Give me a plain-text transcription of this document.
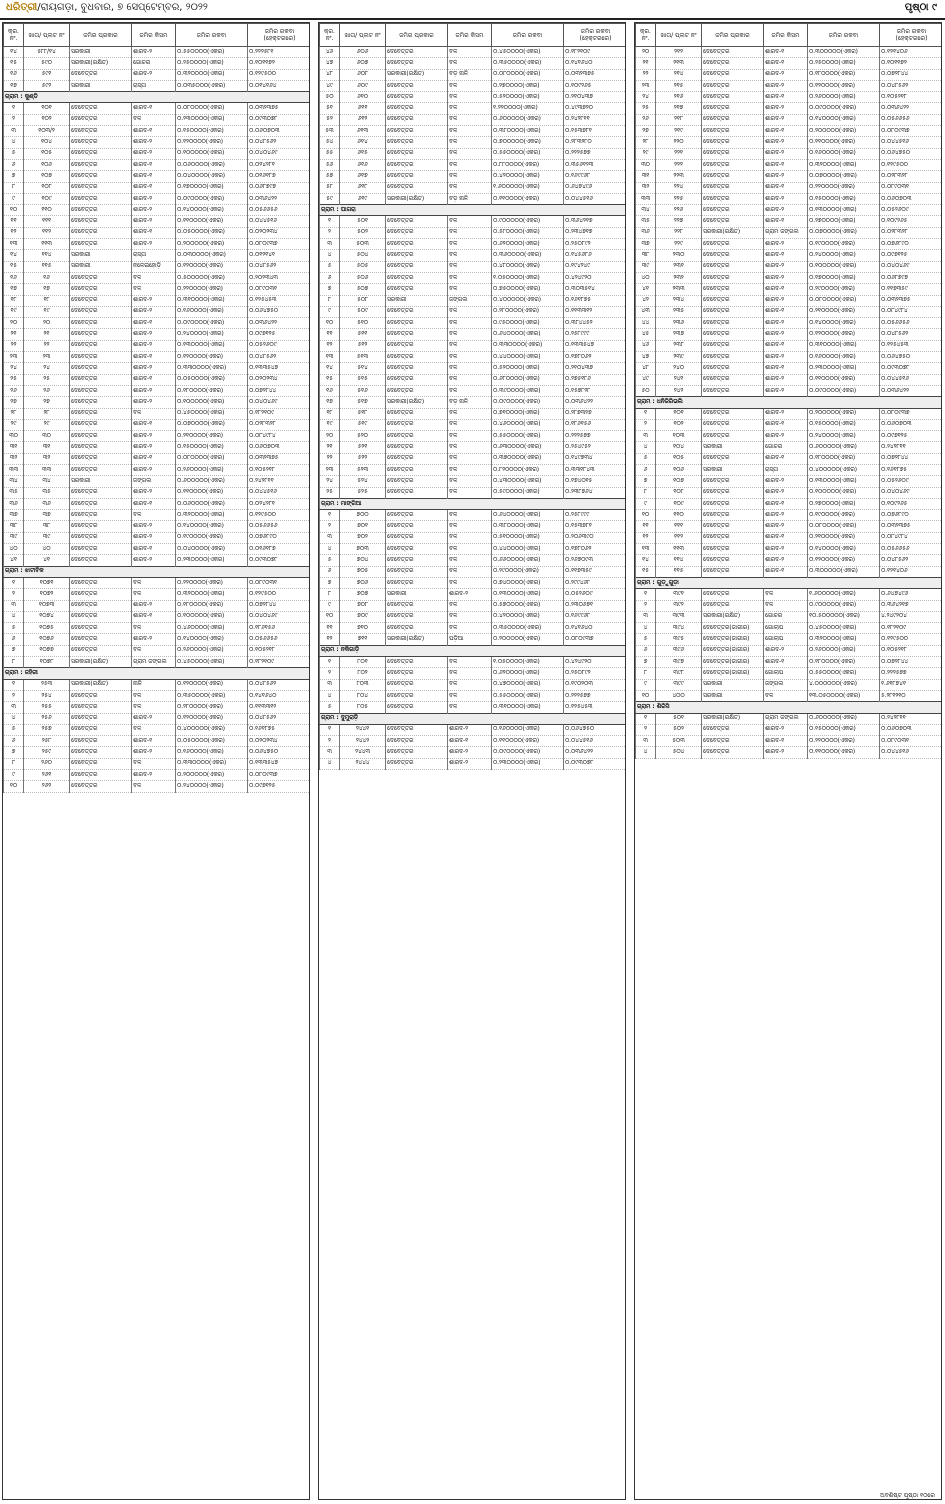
ଧରିତ୍ରୀ/ରାୟଗଡ଼ା, ବୁଧବାର, ୭ ସେପ୍ଟେମ୍ବର, ୨୦୨୨	ପୃଷ୍ଠା ୯
କ୍ର. ନଂ.	ଖାତା/ ପ୍ଲଟ ନଂ	ଜମିର ପ୍ରକାର	ଜମିର କିସମ	ଜମିର ରକବା	ଜମିର ରକବା (ହେକ୍ଟରରେ)
୧୪	୫୮୮/୧୪	ସରକାରୀ	ଶାରଦ-୨	୦.୫୫୦୦୦୦(ଏକର)	୦.୨୨୨୫୮୧
୧୫	୫୯୦	ସରକାରୀ(ରକ୍ଷିତ)	ଗୋଚର	୦.୨୫୦୦୦୦(ଏକର)	୦.୧୦୧୧୭୨
୧୬	୫୯୧	ଦେବେତ୍ତର	ଶାରଦ-୨	୦.୩୨୦୦୦୦(ଏକର)	୦.୧୨୯୫୦୦
୧୭	୫୯୨	ସରକାରୀ	ରାସ୍ତା	୦.୦୩୫୦୦୦(ଏକର)	୦.୦୧୪୧୬୪
ଗ୍ରାମ : କୁଣ୍ଡି					
୧	୧୦୧	ଦେବେତ୍ତର	ଶାରଦ-୧	୦.୦୮୦୦୦୦(ଏକର)	୦.୦୩୨୩୭୫
୨	୧୦୨	ଦେବେତ୍ତର	ବଳ	୦.୨୩୦୦୦୦(ଏକର)	୦.୦୯୩୦୭୮
୩	୧୦୩/୨	ଦେବେତ୍ତର	ଶାରଦ-୧	୦.୧୫୦୦୦୦(ଏକର)	୦.୦୬୦୭୦୩
୪	୧୦୪	ଦେବେତ୍ତର	ଶାରଦ-୨	୦.୧୨୦୦୦୦(ଏକର)	୦.୦୪୮୫୬୨
୫	୧୦୫	ଦେବେତ୍ତର	ଶାରଦ-୨	୦.୧୦୦୦୦୦(ଏକର)	୦.୦୪୦୪୬୯
୬	୧୦୬	ଦେବେତ୍ତର	ଶାରଦ-୧	୦.୦୬୦୦୦୦(ଏକର)	୦.୦୨୪୨୮୧
୭	୧୦୭	ଦେବେତ୍ତର	ଶାରଦ-୧	୦.୦୪୦୦୦୦(ଏକର)	୦.୦୧୬୧୮୭
୮	୧୦୮	ଦେବେତ୍ତର	ଶାରଦ-୧	୦.୧୭୦୦୦୦(ଏକର)	୦.୦୬୮୭୯୭
୯	୧୦୯	ଦେବେତ୍ତର	ଶାରଦ-୨	୦.୦୯୦୦୦୦(ଏକର)	୦.୦୩୬୪୨୨
୧୦	୧୧୦	ଦେବେତ୍ତର	ଶାରଦ-୨	୦.୧୪୦୦୦୦(ଏକର)	୦.୦୫୬୬୫୬
୧୧	୧୧୧	ଦେବେତ୍ତର	ଶାରଦ-୨	୦.୧୧୦୦୦୦(ଏକର)	୦.୦୪୪୫୧୬
୧୨	୧୧୨	ଦେବେତ୍ତର	ଶାରଦ-୧	୦.୦୫୦୦୦୦(ଏକର)	୦.୦୨୦୨୩୪
୧୩	୧୧୩	ଦେବେତ୍ତର	ଶାରଦ-୨	୦.୨୦୦୦୦୦(ଏକର)	୦.୦୮୦୯୩୭
୧୪	୧୧୪	ସରକାରୀ	ରାସ୍ତା	୦.୦୩୦୦୦୦(ଏକର)	୦.୦୧୨୧୪୧
୧୫	୧୧୫	ସରକାରୀ	ନଳେଇହୋଡ଼ି	୦.୧୨୦୦୦୦(ଏକର)	୦.୦୪୮୫୬୨
୧୬	୧୬	ଦେବେତ୍ତର	ବଳ	୦.୫୦୦୦୦୦(ଏକର)	୦.୨୦୨୩୪୩
୧୭	୧୭	ଦେବେତ୍ତର	ବଳ	୦.୨୨୦୦୦୦(ଏକର)	୦.୦୮୯୦୩୧
୧୮	୧୮	ଦେବେତ୍ତର	ଶାରଦ-୨	୦.୩୧୦୦୦୦(ଏକର)	୦.୧୨୫୪୫୩
୧୯	୧୯	ଦେବେତ୍ତର	ଶାରଦ-୨	୦.୧୬୦୦୦୦(ଏକର)	୦.୦୬୪୭୫୦
୨୦	୨୦	ଦେବେତ୍ତର	ଶାରଦ-୧	୦.୦୯୦୦୦୦(ଏକର)	୦.୦୩୬୪୨୨
୨୧	୨୧	ଦେବେତ୍ତର	ଶାରଦ-୨	୦.୨୪୦୦୦୦(ଏକର)	୦.୦୯୭୧୨୫
୨୨	୨୨	ଦେବେତ୍ତର	ଶାରଦ-୨	୦.୧୩୦୦୦୦(ଏକର)	୦.୦୫୨୬୦୯
୨୩	୨୩	ଦେବେତ୍ତର	ଶାରଦ-୧	୦.୧୨୦୦୦୦(ଏକର)	୦.୦୪୮୫୬୨
୨୪	୨୪	ଦେବେତ୍ତର	ଶାରଦ-୨	୦.୩୩୦୦୦୦(ଏକର)	୦.୧୩୩୫୪୭
୨୫	୨୫	ଦେବେତ୍ତର	ଶାରଦ-୧	୦.୦୫୦୦୦୦(ଏକର)	୦.୦୨୦୨୩୪
୨୬	୨୬	ଦେବେତ୍ତର	ଶାରଦ-୨	୦.୧୮୦୦୦୦(ଏକର)	୦.୦୭୨୮୪୪
୨୭	୨୭	ଦେବେତ୍ତର	ଶାରଦ-୨	୦.୧୦୦୦୦୦(ଏକର)	୦.୦୪୦୪୬୯
୨୮	୨୮	ଦେବେତ୍ତର	ବଳ	୦.୪୫୦୦୦୦(ଏକର)	୦.୧୮୨୧୦୯
୨୯	୨୯	ଦେବେତ୍ତର	ଶାରଦ-୧	୦.୦୭୦୦୦୦(ଏକର)	୦.୦୨୮୩୨୮
୩୦	୩୦	ଦେବେତ୍ତର	ଶାରଦ-୨	୦.୨୧୦୦୦୦(ଏକର)	୦.୦୮୪୯୮୪
୩୧	୩୧	ଦେବେତ୍ତର	ଶାରଦ-୨	୦.୧୫୦୦୦୦(ଏକର)	୦.୦୬୦୭୦୩
୩୨	୩୨	ଦେବେତ୍ତର	ଶାରଦ-୧	୦.୦୮୦୦୦୦(ଏକର)	୦.୦୩୨୩୭୫
୩୩	୩୩	ଦେବେତ୍ତର	ଶାରଦ-୨	୦.୨୬୦୦୦୦(ଏକର)	୦.୧୦୫୨୧୮
୩୪	୩୪	ସରକାରୀ	ଜଙ୍ଗଲ	୦.୬୦୦୦୦୦(ଏକର)	୦.୨୪୨୮୧୧
୩୫	୩୫	ଦେବେତ୍ତର	ଶାରଦ-୨	୦.୧୧୦୦୦୦(ଏକର)	୦.୦୪୪୫୧୬
୩୬	୩୬	ଦେବେତ୍ତର	ଶାରଦ-୧	୦.୦୬୦୦୦୦(ଏକର)	୦.୦୨୪୨୮୧
୩୭	୩୭	ଦେବେତ୍ତର	ବଳ	୦.୩୨୦୦୦୦(ଏକର)	୦.୧୨୯୫୦୦
୩୮	୩୮	ଦେବେତ୍ତର	ଶାରଦ-୨	୦.୧୪୦୦୦୦(ଏକର)	୦.୦୫୬୬୫୬
୩୯	୩୯	ଦେବେତ୍ତର	ଶାରଦ-୨	୦.୧୯୦୦୦୦(ଏକର)	୦.୦୭୬୮୯୦
୪୦	୪୦	ଦେବେତ୍ତର	ଶାରଦ-୧	୦.୦୪୦୦୦୦(ଏକର)	୦.୦୧୬୧୮୭
୪୧	୪୧	ଦେବେତ୍ତର	ଶାରଦ-୨	୦.୨୩୦୦୦୦(ଏକର)	୦.୦୯୩୦୭୮
ଗ୍ରାମ : ଝାଟୀବିକ					
୧	୧୦୭୧	ଦେବେତ୍ତର	ବଳ	୦.୨୨୦୦୦୦(ଏକର)	୦.୦୮୯୦୩୧
୨	୧୦୭୨	ଦେବେତ୍ତର	ବଳ	୦.୩୨୦୦୦୦(ଏକର)	୦.୧୨୯୫୦୦
୩	୧୦୭୩	ଦେବେତ୍ତର	ଶାରଦ-୨	୦.୧୮୦୦୦୦(ଏକର)	୦.୦୭୨୮୪୪
୪	୧୦୭୪	ଦେବେତ୍ତର	ଶାରଦ-୧	୦.୧୦୦୦୦୦(ଏକର)	୦.୦୪୦୪୬୯
୫	୧୦୭୫	ଦେବେତ୍ତର	ବଳ	୦.୪୬୦୦୦୦(ଏକର)	୦.୧୮୬୧୫୬
୬	୧୦୭୬	ଦେବେତ୍ତର	ଶାରଦ-୨	୦.୧୪୦୦୦୦(ଏକର)	୦.୦୫୬୬୫୬
୭	୧୦୭୭	ଦେବେତ୍ତର	ବଳ	୦.୨୬୦୦୦୦(ଏକର)	୦.୧୦୫୨୧୮
୮	୧୦୭୮	ସରକାରୀ(ରକ୍ଷିତ)	ଗ୍ରାମ ଜଙ୍ଗଲ	୦.୪୫୦୦୦୦(ଏକର)	୦.୧୮୨୧୦୯
ଗ୍ରାମ : ଜହିରୀ					
୧	୨୫୩	ସରକାରୀ(ରକ୍ଷିତ)	ନାଳି	୦.୧୨୦୦୦୦(ଏକର)	୦.୦୪୮୫୬୨
୨	୨୫୪	ଦେବେତ୍ତର	ବଳ	୦.୩୫୦୦୦୦(ଏକର)	୦.୧୪୧୬୪୦
୩	୨୫୫	ଦେବେତ୍ତର	ବଳ	୦.୨୮୦୦୦୦(ଏକର)	୦.୧୧୩୩୧୨
୪	୨୫୬	ଦେବେତ୍ତର	ଶାରଦ-୨	୦.୧୨୦୦୦୦(ଏକର)	୦.୦୪୮୫୬୨
୫	୨୫୭	ଦେବେତ୍ତର	ବଳ	୦.୪୦୦୦୦୦(ଏକର)	୦.୧୬୧୮୭୫
୬	୨୫୮	ଦେବେତ୍ତର	ଶାରଦ-୧	୦.୦୫୦୦୦୦(ଏକର)	୦.୦୨୦୨୩୪
୭	୨୫୯	ଦେବେତ୍ତର	ଶାରଦ-୨	୦.୧୬୦୦୦୦(ଏକର)	୦.୦୬୪୭୫୦
୮	୨୬୦	ଦେବେତ୍ତର	ବଳ	୦.୩୩୦୦୦୦(ଏକର)	୦.୧୩୩୫୪୭
୯	୨୬୧	ଦେବେତ୍ତର	ଶାରଦ-୨	୦.୨୦୦୦୦୦(ଏକର)	୦.୦୮୦୯୩୭
୧୦	୨୬୨	ଦେବେତ୍ତର	ବଳ	୦.୨୪୦୦୦୦(ଏକର)	୦.୦୯୭୧୨୫
କ୍ର. ନଂ.	ଖାତା/ ପ୍ଲଟ ନଂ	ଜମିର ପ୍ରକାର	ଜମିର କିସମ	ଜମିର ରକବା	ଜମିର ରକବା (ହେକ୍ଟରରେ)
୪୬	୬୦୬	ଦେବେତ୍ତର	ବଳ	୦.୪୫୦୦୦୦(ଏକର)	୦.୧୮୨୧୦୯
୪୭	୬୦୭	ଦେବେତ୍ତର	ବଳ	୦.୩୫୦୦୦୦(ଏକର)	୦.୧୪୧୬୪୦
୪୮	୬୦୮	ସରକାରୀ(ରକ୍ଷିତ)	ବଡ଼ ନାଳି	୦.୦୮୦୦୦୦(ଏକର)	୦.୦୩୨୩୭୫
୪୯	୬୦୯	ଦେବେତ୍ତର	ବଳ	୦.୨୭୦୦୦୦(ଏକର)	୦.୧୦୯୨୬୫
୫୦	୬୧୦	ଦେବେତ୍ତର	ବଳ	୦.୫୨୦୦୦୦(ଏକର)	୦.୨୧୦୪୩୭
୫୧	୬୧୧	ଦେବେତ୍ତର	ବଳ	୧.୨୨୦୦୦୦(ଏକର)	୦.୪୯୩୭୨୦
୫୨	୬୧୨	ଦେବେତ୍ତର	ବଳ	୦.୬୦୦୦୦୦(ଏକର)	୦.୨୪୨୮୧୧
୫୩	୬୧୩	ଦେବେତ୍ତର	ବଳ	୦.୩୮୦୦୦୦(ଏକର)	୦.୧୫୩୭୮୧
୫୪	୬୧୪	ଦେବେତ୍ତର	ବଳ	୦.୭୦୦୦୦୦(ଏକର)	୦.୨୮୩୨୮୦
୫୫	୬୧୫	ଦେବେତ୍ତର	ବଳ	୦.୫୫୦୦୦୦(ଏକର)	୦.୨୨୨୫୭୭
୫୬	୬୧୬	ଦେବେତ୍ତର	ବଳ	୦.୮୮୦୦୦୦(ଏକର)	୦.୩୫୬୧୨୩
୫୭	୬୧୭	ଦେବେତ୍ତର	ବଳ	୦.୪୨୦୦୦୦(ଏକର)	୦.୧୬୯୯୬୮
୫୮	୬୧୮	ଦେବେତ୍ତର	ବଳ	୧.୬୦୦୦୦୦(ଏକର)	୦.୬୪୭୪୯୬
୫୯	୬୧୯	ସରକାରୀ(ରକ୍ଷିତ)	ବଡ଼ ନାଳି	୦.୧୧୦୦୦୦(ଏକର)	୦.୦୪୪୫୧୬
ଗ୍ରାମ : ଘାଗରା					
୧	୫୦୧	ଦେବେତ୍ତର	ବଳ	୦.୯୦୦୦୦୦(ଏକର)	୦.୩୬୪୨୧୭
୨	୫୦୨	ଦେବେତ୍ତର	ବଳ	୦.୫୮୦୦୦୦(ଏକର)	୦.୨୩୪୭୧୭
୩	୫୦୩	ଦେବେତ୍ତର	ବଳ	୦.୬୨୦୦୦୦(ଏକର)	୦.୨୫୦୮୯୨
୪	୫୦୪	ଦେବେତ୍ତର	ବଳ	୦.୩୬୦୦୦୦(ଏକର)	୦.୧୪୫୬୮୬
୫	୫୦୫	ଦେବେତ୍ତର	ବଳ	୦.୪୮୦୦୦୦(ଏକର)	୦.୧୯୪୨୪୯
୬	୫୦୬	ଦେବେତ୍ତର	ବଳ	୧.୦୫୦୦୦୦(ଏକର)	୦.୪୨୪୯୨୦
୭	୫୦୭	ଦେବେତ୍ତର	ବଳ	୦.୭୫୦୦୦୦(ଏକର)	୦.୩୦୩୫୧୪
୮	୫୦୮	ସରକାରୀ	ଜଙ୍ଗଲ	୦.୪୦୦୦୦୦(ଏକର)	୦.୧୬୧୮୭୫
୯	୫୦୯	ଦେବେତ୍ତର	ବଳ	୦.୨୮୦୦୦୦(ଏକର)	୦.୧୧୩୩୧୨
୧୦	୫୧୦	ଦେବେତ୍ତର	ବଳ	୦.୯୫୦୦୦୦(ଏକର)	୦.୩୮୪୪୫୨
୧୧	୫୧୧	ଦେବେତ୍ତର	ବଳ	୦.୬୪୦୦୦୦(ଏକର)	୦.୨୫୮୯୯୯
୧୨	୫୧୨	ଦେବେତ୍ତର	ବଳ	୦.୩୩୦୦୦୦(ଏକର)	୦.୧୩୩୫୪୭
୧୩	୫୧୩	ଦେବେତ୍ତର	ବଳ	୦.୪୪୦୦୦୦(ଏକର)	୦.୧୭୮୦୬୨
୧୪	୫୧୪	ଦେବେତ୍ତର	ବଳ	୦.୫୨୦୦୦୦(ଏକର)	୦.୨୧୦୪୩୭
୧୫	୫୧୫	ଦେବେତ୍ତର	ବଳ	୦.୬୮୦୦୦୦(ଏକର)	୦.୨୭୫୧୮୬
୧୬	୫୧୬	ଦେବେତ୍ତର	ବଳ	୦.୩୯୦୦୦୦(ଏକର)	୦.୧୫୭୮୨୮
୧୭	୫୧୭	ସରକାରୀ(ରକ୍ଷିତ)	ବଡ଼ ନାଳି	୦.୦୯୦୦୦୦(ଏକର)	୦.୦୩୬୪୨୨
୧୮	୫୧୮	ଦେବେତ୍ତର	ବଳ	୦.୭୧୦୦୦୦(ଏକର)	୦.୨୮୭୩୨୭
୧୯	୫୧୯	ଦେବେତ୍ତର	ବଳ	୦.୪୬୦୦୦୦(ଏକର)	୦.୧୮୬୧୫୬
୨୦	୫୨୦	ଦେବେତ୍ତର	ବଳ	୦.୫୫୦୦୦୦(ଏକର)	୦.୨୨୨୫୭୭
୨୧	୫୨୧	ଦେବେତ୍ତର	ବଳ	୦.୬୩୦୦୦୦(ଏକର)	୦.୨୫୪୯୫୨
୨୨	୫୨୨	ଦେବେତ୍ତର	ବଳ	୦.୩୭୦୦୦୦(ଏକର)	୦.୧୪୯୭୩୪
୨୩	୫୨୩	ଦେବେତ୍ତର	ବଳ	୦.୮୨୦୦୦୦(ଏକର)	୦.୩୩୧୮୪୩
୨୪	୫୨୪	ଦେବେତ୍ତର	ବଳ	୦.୪୩୦୦୦୦(ଏକର)	୦.୧୭୪୦୧୫
୨୫	୫୨୫	ଦେବେତ୍ତର	ବଳ	୦.୫୯୦୦୦୦(ଏକର)	୦.୨୩୮୭୬୪
ଗ୍ରାମ : ମାଙ୍ଗିଆ					
୧	୭୦୦	ଦେବେତ୍ତର	ବଳ	୦.୬୪୦୦୦୦(ଏକର)	୦.୨୫୮୯୯୯
୨	୭୦୧	ଦେବେତ୍ତର	ବଳ	୦.୩୮୦୦୦୦(ଏକର)	୦.୧୫୩୭୮୧
୩	୭୦୨	ଦେବେତ୍ତର	ବଳ	୦.୫୧୦୦୦୦(ଏକର)	୦.୨୦୬୩୯୦
୪	୭୦୩	ଦେବେତ୍ତର	ବଳ	୦.୪୪୦୦୦୦(ଏକର)	୦.୧୭୮୦୬୨
୫	୭୦୪	ଦେବେତ୍ତର	ବଳ	୦.୬୬୦୦୦୦(ଏକର)	୦.୨୬୭୦୯୩
୬	୭୦୫	ଦେବେତ୍ତର	ବଳ	୦.୨୯୦୦୦୦(ଏକର)	୦.୧୧୭୩୫୯
୭	୭୦୬	ଦେବେତ୍ତର	ବଳ	୦.୭୪୦୦୦୦(ଏକର)	୦.୨୯୯୪୬୮
୮	୭୦୭	ସରକାରୀ	ଶାରଦ-୨	୦.୧୩୦୦୦୦(ଏକର)	୦.୦୫୨୬୦୯
୯	୭୦୮	ଦେବେତ୍ତର	ବଳ	୦.୫୭୦୦୦୦(ଏକର)	୦.୨୩୦୬୭୧
୧୦	୭୦୯	ଦେବେତ୍ତର	ବଳ	୦.୪୨୦୦୦୦(ଏକର)	୦.୧୬୯୯୬୮
୧୧	୭୧୦	ଦେବେତ୍ତର	ବଳ	୦.୩୫୦୦୦୦(ଏକର)	୦.୧୪୧୬୪୦
୧୨	୭୧୧	ସରକାରୀ(ରକ୍ଷିତ)	ପଡ଼ିଆ	୦.୨୦୦୦୦୦(ଏକର)	୦.୦୮୦୯୩୭
ଗ୍ରାମ : ନକିଗାଡ଼ି					
୧	୮୦୧	ଦେବେତ୍ତର	ବଳ	୧.୦୫୦୦୦୦(ଏକର)	୦.୪୨୪୯୨୦
୨	୮୦୨	ଦେବେତ୍ତର	ବଳ	୦.୬୨୦୦୦୦(ଏକର)	୦.୨୫୦୮୯୨
୩	୮୦୩	ଦେବେତ୍ତର	ବଳ	୦.୪୭୦୦୦୦(ଏକର)	୦.୧୯୦୨୦୩
୪	୮୦୪	ଦେବେତ୍ତର	ବଳ	୦.୫୫୦୦୦୦(ଏକର)	୦.୨୨୨୫୭୭
୫	୮୦୫	ଦେବେତ୍ତର	ବଳ	୦.୩୧୦୦୦୦(ଏକର)	୦.୧୨୫୪୫୩
ଗ୍ରାମ : ଦୁମୁରାଡ଼ି					
୧	୨୪୪୧	ଦେବେତ୍ତର	ଶାରଦ-୨	୦.୧୬୦୦୦୦(ଏକର)	୦.୦୬୪୭୫୦
୨	୨୪୪୨	ଦେବେତ୍ତର	ଶାରଦ-୧	୦.୧୧୦୦୦୦(ଏକର)	୦.୦୪୪୫୧୬
୩	୨୪୪୩	ଦେବେତ୍ତର	ଶାରଦ-୨	୦.୦୯୦୦୦୦(ଏକର)	୦.୦୩୬୪୨୨
୪	୨୪୪୪	ଦେବେତ୍ତର	ଶାରଦ-୨	୦.୨୩୦୦୦୦(ଏକର)	୦.୦୯୩୦୭୮
କ୍ର. ନଂ.	ଖାତା/ ପ୍ଲଟ ନଂ	ଜମିର ପ୍ରକାର	ଜମିର କିସମ	ଜମିର ରକବା	ଜମିର ରକବା (ହେକ୍ଟରରେ)
୨୦	୨୧୨	ଦେବେତ୍ତର	ଶାରଦ-୧	୦.୩୦୦୦୦୦(ଏକର)	୦.୧୨୧୪୦୬
୨୧	୨୧୩	ଦେବେତ୍ତର	ଶାରଦ-୧	୦.୨୫୦୦୦୦(ଏକର)	୦.୧୦୧୧୭୨
୨୨	୨୧୪	ଦେବେତ୍ତର	ଶାରଦ-୨	୦.୧୮୦୦୦୦(ଏକର)	୦.୦୭୨୮୪୪
୨୩	୨୧୫	ଦେବେତ୍ତର	ଶାରଦ-୨	୦.୧୨୦୦୦୦(ଏକର)	୦.୦୪୮୫୬୨
୨୪	୨୧୬	ଦେବେତ୍ତର	ଶାରଦ-୧	୦.୨୬୦୦୦୦(ଏକର)	୦.୧୦୫୨୧୮
୨୫	୨୧୭	ଦେବେତ୍ତର	ଶାରଦ-୨	୦.୦୯୦୦୦୦(ଏକର)	୦.୦୩୬୪୨୨
୨୬	୨୧୮	ଦେବେତ୍ତର	ଶାରଦ-୨	୦.୧୪୦୦୦୦(ଏକର)	୦.୦୫୬୬୫୬
୨୭	୨୧୯	ଦେବେତ୍ତର	ଶାରଦ-୧	୦.୨୦୦୦୦୦(ଏକର)	୦.୦୮୦୯୩୭
୨୮	୨୨୦	ଦେବେତ୍ତର	ଶାରଦ-୨	୦.୧୧୦୦୦୦(ଏକର)	୦.୦୪୪୫୧୬
୨୯	୨୨୧	ଦେବେତ୍ତର	ଶାରଦ-୨	୦.୧୬୦୦୦୦(ଏକର)	୦.୦୬୪୭୫୦
୩୦	୨୨୨	ଦେବେତ୍ତର	ଶାରଦ-୧	୦.୩୨୦୦୦୦(ଏକର)	୦.୧୨୯୫୦୦
୩୧	୨୨୩	ଦେବେତ୍ତର	ଶାରଦ-୨	୦.୦୭୦୦୦୦(ଏକର)	୦.୦୨୮୩୨୮
୩୨	୨୨୪	ଦେବେତ୍ତର	ଶାରଦ-୧	୦.୨୨୦୦୦୦(ଏକର)	୦.୦୮୯୦୩୧
୩୩	୨୨୫	ଦେବେତ୍ତର	ଶାରଦ-୨	୦.୧୫୦୦୦୦(ଏକର)	୦.୦୬୦୭୦୩
୩୪	୨୨୬	ଦେବେତ୍ତର	ଶାରଦ-୨	୦.୧୩୦୦୦୦(ଏକର)	୦.୦୫୨୬୦୯
୩୫	୨୨୭	ଦେବେତ୍ତର	ଶାରଦ-୧	୦.୨୭୦୦୦୦(ଏକର)	୦.୧୦୯୨୬୫
୩୬	୨୨୮	ସରକାରୀ(ରକ୍ଷିତ)	ଗ୍ରାମ ଜଙ୍ଗଲ	୦.୦୭୦୦୦୦(ଏକର)	୦.୦୨୮୩୨୮
୩୭	୨୨୯	ଦେବେତ୍ତର	ଶାରଦ-୨	୦.୧୯୦୦୦୦(ଏକର)	୦.୦୭୬୮୯୦
୩୮	୨୩୦	ଦେବେତ୍ତର	ଶାରଦ-୧	୦.୨୪୦୦୦୦(ଏକର)	୦.୦୯୭୧୨୫
୩୯	୨୩୧	ଦେବେତ୍ତର	ଶାରଦ-୨	୦.୧୦୦୦୦୦(ଏକର)	୦.୦୪୦୪୬୯
୪୦	୨୩୨	ଦେବେତ୍ତର	ଶାରଦ-୨	୦.୧୭୦୦୦୦(ଏକର)	୦.୦୬୮୭୯୭
୪୧	୨୩୩	ଦେବେତ୍ତର	ଶାରଦ-୧	୦.୨୯୦୦୦୦(ଏକର)	୦.୧୧୭୩୫୯
୪୨	୨୩୪	ଦେବେତ୍ତର	ଶାରଦ-୨	୦.୦୮୦୦୦୦(ଏକର)	୦.୦୩୨୩୭୫
୪୩	୨୩୫	ଦେବେତ୍ତର	ଶାରଦ-୧	୦.୨୧୦୦୦୦(ଏକର)	୦.୦୮୪୯୮୪
୪୪	୨୩୬	ଦେବେତ୍ତର	ଶାରଦ-୨	୦.୧୪୦୦୦୦(ଏକର)	୦.୦୫୬୬୫୬
୪୫	୨୩୭	ଦେବେତ୍ତର	ଶାରଦ-୨	୦.୧୨୦୦୦୦(ଏକର)	୦.୦୪୮୫୬୨
୪୬	୨୩୮	ଦେବେତ୍ତର	ଶାରଦ-୧	୦.୩୧୦୦୦୦(ଏକର)	୦.୧୨୫୪୫୩
୪୭	୨୩୯	ଦେବେତ୍ତର	ଶାରଦ-୨	୦.୧୬୦୦୦୦(ଏକର)	୦.୦୬୪୭୫୦
୪୮	୨୪୦	ଦେବେତ୍ତର	ଶାରଦ-୧	୦.୨୩୦୦୦୦(ଏକର)	୦.୦୯୩୦୭୮
୪୯	୨୪୧	ଦେବେତ୍ତର	ଶାରଦ-୨	୦.୧୧୦୦୦୦(ଏକର)	୦.୦୪୪୫୧୬
୫୦	୨୪୨	ଦେବେତ୍ତର	ଶାରଦ-୨	୦.୦୯୦୦୦୦(ଏକର)	୦.୦୩୬୪୨୨
ଗ୍ରାମ : ଧନିଜିରିଭଲି					
୧	୧୦୧	ଦେବେତ୍ତର	ଶାରଦ-୨	୦.୨୦୦୦୦୦(ଏକର)	୦.୦୮୦୯୩୭
୨	୧୦୨	ଦେବେତ୍ତର	ଶାରଦ-୧	୦.୧୫୦୦୦୦(ଏକର)	୦.୦୬୦୭୦୩
୩	୧୦୩	ଦେବେତ୍ତର	ଶାରଦ-୨	୦.୨୪୦୦୦୦(ଏକର)	୦.୦୯୭୧୨୫
୪	୧୦୪	ସରକାରୀ	ଗୋଚର	୦.୬୦୦୦୦୦(ଏକର)	୦.୨୪୨୮୧୧
୫	୧୦୫	ଦେବେତ୍ତର	ଶାରଦ-୧	୦.୧୮୦୦୦୦(ଏକର)	୦.୦୭୨୮୪୪
୬	୧୦୬	ସରକାରୀ	ରାସ୍ତା	୦.୪୦୦୦୦୦(ଏକର)	୦.୧୬୧୮୭୫
୭	୧୦୭	ଦେବେତ୍ତର	ଶାରଦ-୨	୦.୧୩୦୦୦୦(ଏକର)	୦.୦୫୨୬୦୯
୮	୧୦୮	ଦେବେତ୍ତର	ଶାରଦ-୨	୦.୧୦୦୦୦୦(ଏକର)	୦.୦୪୦୪୬୯
୯	୧୦୯	ଦେବେତ୍ତର	ଶାରଦ-୧	୦.୨୭୦୦୦୦(ଏକର)	୦.୧୦୯୨୬୫
୧୦	୧୧୦	ଦେବେତ୍ତର	ଶାରଦ-୨	୦.୧୯୦୦୦୦(ଏକର)	୦.୦୭୬୮୯୦
୧୧	୧୧୧	ଦେବେତ୍ତର	ଶାରଦ-୨	୦.୦୮୦୦୦୦(ଏକର)	୦.୦୩୨୩୭୫
୧୨	୧୧୨	ଦେବେତ୍ତର	ଶାରଦ-୧	୦.୨୧୦୦୦୦(ଏକର)	୦.୦୮୪୯୮୪
୧୩	୧୧୩	ଦେବେତ୍ତର	ଶାରଦ-୨	୦.୧୪୦୦୦୦(ଏକର)	୦.୦୫୬୬୫୬
୧୪	୧୧୪	ଦେବେତ୍ତର	ଶାରଦ-୨	୦.୧୨୦୦୦୦(ଏକର)	୦.୦୪୮୫୬୨
୧୫	୧୧୫	ଦେବେତ୍ତର	ଶାରଦ-୧	୦.୩୦୦୦୦୦(ଏକର)	୦.୧୨୧୪୦୬
ଗ୍ରାମ : ଗୁଡ଼ୁଗୁଡ଼ା					
୧	୩୯୧	ଦେବେତ୍ତର	ବଳ	୧.୬୦୦୦୦୦(ଏକର)	୦.୬୪୭୪୯୬
୨	୩୯୨	ଦେବେତ୍ତର	ବଳ	୦.୯୦୦୦୦୦(ଏକର)	୦.୩୬୪୨୧୭
୩	୩୯୩	ସରକାରୀ(ରକ୍ଷିତ)	ଗୋଚର	୧୦.୫୦୦୦୦୦(ଏକର)	୪.୨୪୯୨୦୪
୪	୩୯୪	ଦେବେତ୍ତର(ଜାଗୀର)	ଗୋଲାପ	୦.୪୫୦୦୦୦(ଏକର)	୦.୧୮୨୧୦୯
୫	୩୯୫	ଦେବେତ୍ତର(ଜାଗୀର)	ଗୋଲାପ	୦.୩୨୦୦୦୦(ଏକର)	୦.୧୨୯୫୦୦
୬	୩୯୬	ଦେବେତ୍ତର(ଜାଗୀର)	ଶାରଦ-୨	୦.୨୬୦୦୦୦(ଏକର)	୦.୧୦୫୨୧୮
୭	୩୯୭	ଦେବେତ୍ତର(ଜାଗୀର)	ଶାରଦ-୧	୦.୧୮୦୦୦୦(ଏକର)	୦.୦୭୨୮୪୪
୮	୩୯୮	ଦେବେତ୍ତର(ଜାଗୀର)	ଗୋଲାପ	୦.୫୫୦୦୦୦(ଏକର)	୦.୨୨୨୫୭୭
୯	୩୯୯	ସରକାରୀ	ଜଙ୍ଗଲ	୪.୦୦୦୦୦୦(ଏକର)	୧.୬୧୮୭୪୧
୧୦	୪୦୦	ସରକାରୀ	ବଳ	୧୩.୦୫୦୦୦୦(ଏକର)	୫.୨୮୧୨୧୦
ଗ୍ରାମ : ଶିରିସି					
୧	୫୦୧	ସରକାରୀ(ରକ୍ଷିତ)	ଗ୍ରାମ ଜଙ୍ଗଲ	୦.୬୦୦୦୦୦(ଏକର)	୦.୨୪୨୮୧୧
୨	୫୦୨	ଦେବେତ୍ତର	ଶାରଦ-୨	୦.୧୫୦୦୦୦(ଏକର)	୦.୦୬୦୭୦୩
୩	୫୦୩	ଦେବେତ୍ତର	ଶାରଦ-୧	୦.୨୨୦୦୦୦(ଏକର)	୦.୦୮୯୦୩୧
୪	୫୦୪	ଦେବେତ୍ତର	ଶାରଦ-୨	୦.୧୧୦୦୦୦(ଏକର)	୦.୦୪୪୫୧୬
ଅବଶିଷ୍ଟ ପୃଷ୍ଠା ୧୦ରେ
